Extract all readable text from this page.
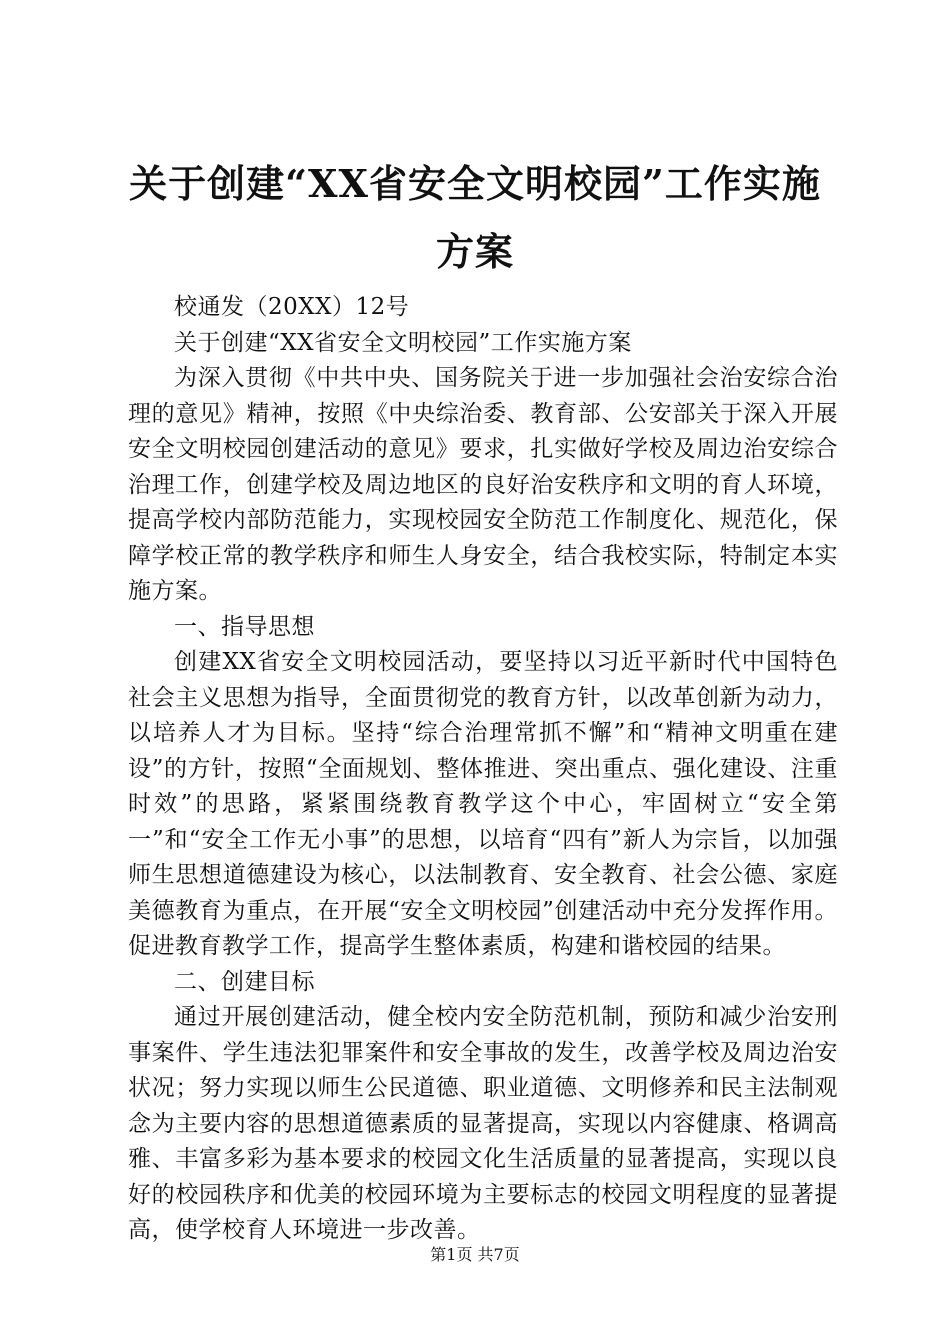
关于创建“XX省安全文明校园”工作实施方案

校通发（20XX）12号

关于创建“XX省安全文明校园”工作实施方案

为深入贯彻《中共中央、国务院关于进一步加强社会治安综合治理的意见》精神，按照《中央综治委、教育部、公安部关于深入开展安全文明校园创建活动的意见》要求，扎实做好学校及周边治安综合治理工作，创建学校及周边地区的良好治安秩序和文明的育人环境，提高学校内部防范能力，实现校园安全防范工作制度化、规范化，保障学校正常的教学秩序和师生人身安全，结合我校实际，特制定本实施方案。

一、指导思想

创建XX省安全文明校园活动，要坚持以习近平新时代中国特色社会主义思想为指导，全面贯彻党的教育方针，以改革创新为动力，以培养人才为目标。坚持“综合治理常抓不懈”和“精神文明重在建设”的方针，按照“全面规划、整体推进、突出重点、强化建设、注重时效”的思路，紧紧围绕教育教学这个中心，牢固树立“安全第一”和“安全工作无小事”的思想，以培育“四有”新人为宗旨，以加强师生思想道德建设为核心，以法制教育、安全教育、社会公德、家庭美德教育为重点，在开展“安全文明校园”创建活动中充分发挥作用。促进教育教学工作，提高学生整体素质，构建和谐校园的结果。

二、创建目标

通过开展创建活动，健全校内安全防范机制，预防和减少治安刑事案件、学生违法犯罪案件和安全事故的发生，改善学校及周边治安状况；努力实现以师生公民道德、职业道德、文明修养和民主法制观念为主要内容的思想道德素质的显著提高，实现以内容健康、格调高雅、丰富多彩为基本要求的校园文化生活质量的显著提高，实现以良好的校园秩序和优美的校园环境为主要标志的校园文明程度的显著提高，使学校育人环境进一步改善。

第1页 共7页
